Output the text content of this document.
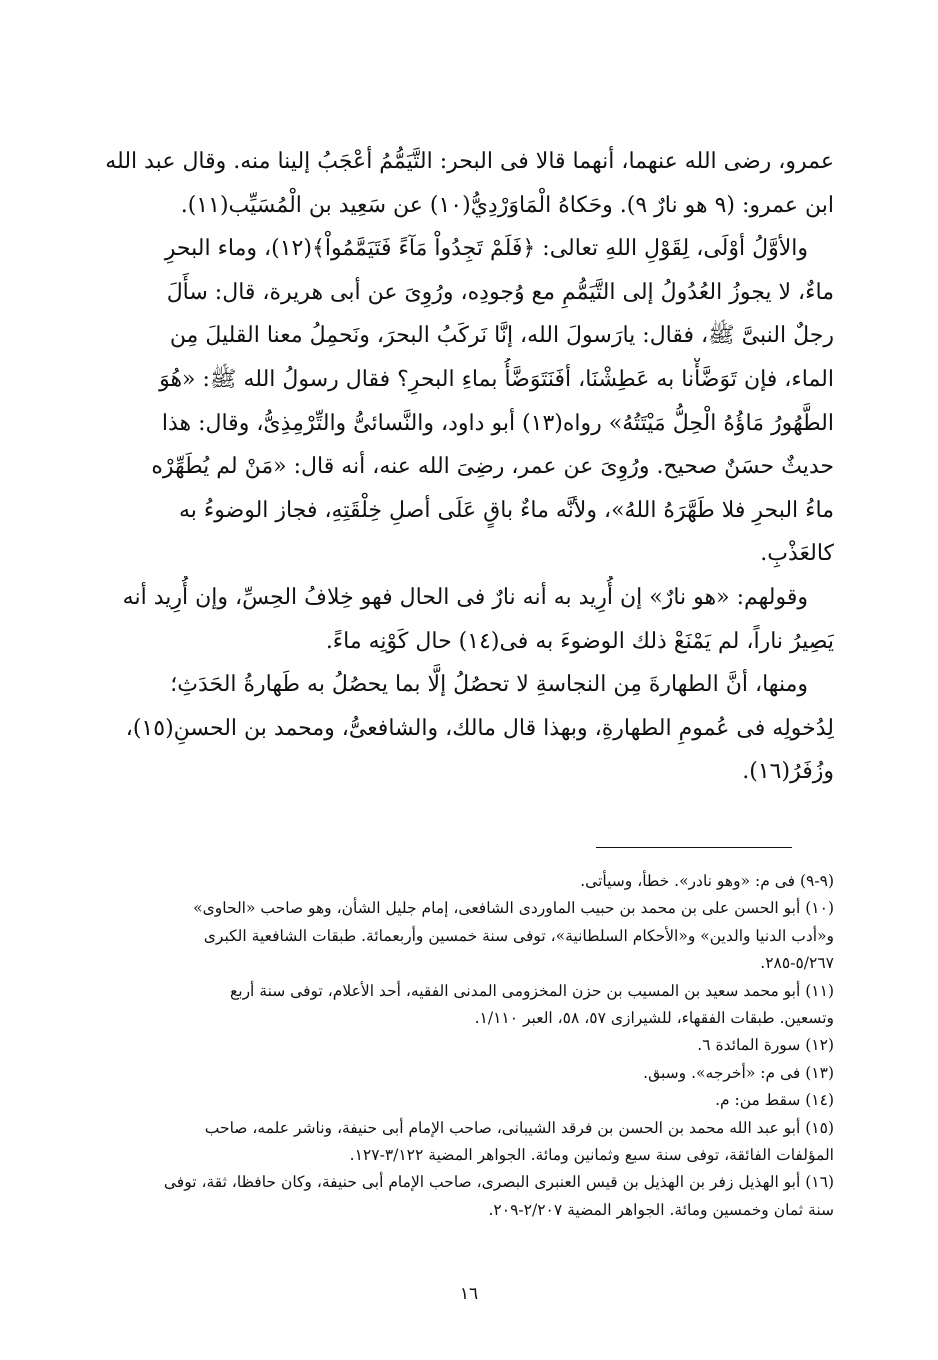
عمرو، رضى الله عنهما، أنهما قالا فى البحر: التَّيَمُّمُ أعْجَبُ إلينا منه. وقال عبد الله
ابن عمرو: (٩ هو نارٌ ٩). وحَكاهُ الْمَاوَرْدِيُّ(١٠) عن سَعِيد بن الْمُسَيِّب(١١).
والأوَّلُ أوْلَى، لِقَوْلِ اللهِ تعالى: ﴿فَلَمْ تَجِدُواْ مَآءً فَتَيَمَّمُواْ﴾(١٢)، وماء البحرِ
ماءٌ، لا يجوزُ العُدُولُ إلى التَّيَمُّمِ مع وُجودِه، ورُوِىَ عن أبى هريرة، قال: سأَلَ
رجلٌ النبىَّ ﷺ، فقال: يارَسولَ الله، إنَّا نَركَبُ البحرَ، ونَحمِلُ معنا القليلَ مِن
الماء، فإن تَوَضَّأْنا به عَطِشْنَا، أفَنَتَوَضَّأُ بماءِ البحرِ؟ فقال رسولُ الله ﷺ: «هُوَ
الطَّهُورُ مَاؤُهُ الْحِلُّ مَيْتَتُهُ» رواه(١٣) أبو داود، والنَّسائىُّ والتِّرْمِذِىُّ، وقال: هذا
حديثٌ حسَنٌ صحيح. ورُوِىَ عن عمر، رضِىَ الله عنه، أنه قال: «مَنْ لم يُطَهِّرْه
ماءُ البحرِ فلا طَهَّرَهُ اللهُ»، ولأنَّه ماءٌ باقٍ عَلَى أصلِ خِلْقَتِهِ، فجاز الوضوءُ به
كالعَذْبِ.
وقولهم: «هو نارٌ» إن أُرِيد به أنه نارٌ فى الحال فهو خِلافُ الحِسِّ، وإن أُرِيد أنه
يَصِيرُ ناراً، لم يَمْنَعْ ذلك الوضوءَ به فى(١٤) حال كَوْنِه ماءً.
ومنها، أنَّ الطهارةَ مِن النجاسةِ لا تحصُلُ إلَّا بما يحصُلُ به طَهارةُ الحَدَثِ؛
لِدُخولِه فى عُمومِ الطهارةِ، وبهذا قال مالك، والشافعىُّ، ومحمد بن الحسنِ(١٥)،
وزُفَرُ(١٦).
(٩-٩) فى م: «وهو نادر». خطأ، وسيأتى.
(١٠) أبو الحسن على بن محمد بن حبيب الماوردى الشافعى، إمام جليل الشأن، وهو صاحب «الحاوى»
و«أدب الدنيا والدين» و«الأحكام السلطانية»، توفى سنة خمسين وأربعمائة. طبقات الشافعية الكبرى
٥/٢٦٧-٢٨٥.
(١١) أبو محمد سعيد بن المسيب بن حزن المخزومى المدنى الفقيه، أحد الأعلام، توفى سنة أربع
وتسعين. طبقات الفقهاء، للشيرازى ٥٧، ٥٨، العبر ١/١١٠.
(١٢) سورة المائدة ٦.
(١٣) فى م: «أخرجه». وسبق.
(١٤) سقط من: م.
(١٥) أبو عبد الله محمد بن الحسن بن فرقد الشيبانى، صاحب الإمام أبى حنيفة، وناشر علمه، صاحب
المؤلفات الفائقة، توفى سنة سبع وثمانين ومائة. الجواهر المضية ٣/١٢٢-١٢٧.
(١٦) أبو الهذيل زفر بن الهذيل بن قيس العنبرى البصرى، صاحب الإمام أبى حنيفة، وكان حافظا، ثقة، توفى
سنة ثمان وخمسين ومائة. الجواهر المضية ٢/٢٠٧-٢٠٩.
١٦
